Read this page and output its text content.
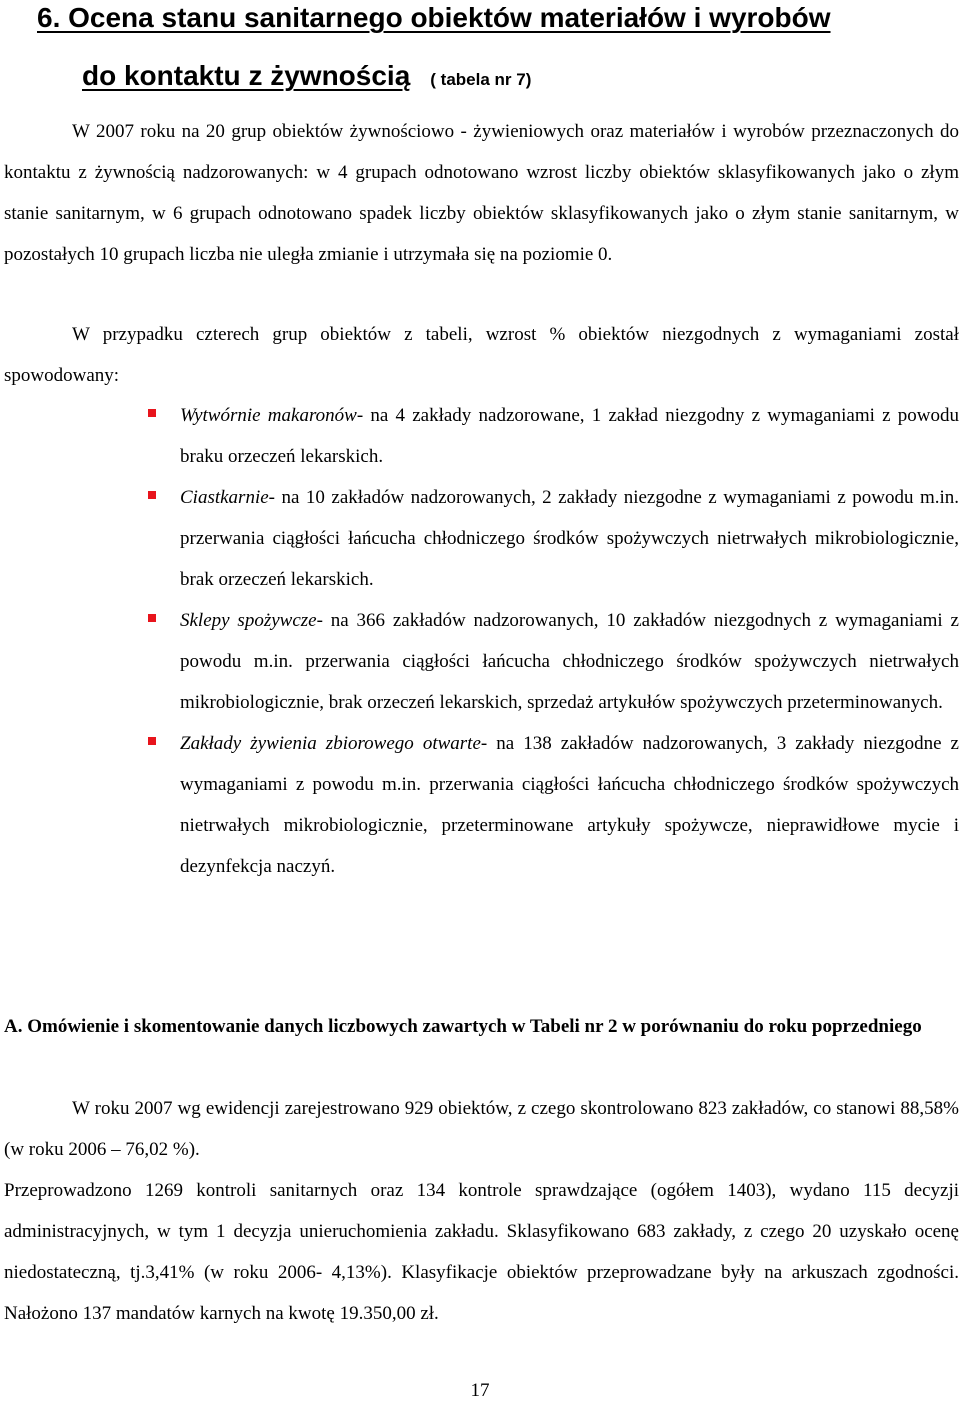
6. Ocena stanu sanitarnego obiektów materiałów i wyrobów
do kontaktu z żywnością ( tabela nr 7)
W 2007 roku na 20 grup obiektów żywnościowo - żywieniowych oraz materiałów i wyrobów przeznaczonych do kontaktu z żywnością nadzorowanych: w 4 grupach odnotowano wzrost liczby obiektów sklasyfikowanych jako o złym stanie sanitarnym, w 6 grupach odnotowano spadek liczby obiektów sklasyfikowanych jako o złym stanie sanitarnym, w pozostałych 10 grupach liczba nie uległa zmianie i utrzymała się na poziomie 0.
W przypadku czterech grup obiektów z tabeli, wzrost % obiektów niezgodnych z wymaganiami został spowodowany:
Wytwórnie makaronów- na 4 zakłady nadzorowane, 1 zakład niezgodny z wymaganiami z powodu braku orzeczeń lekarskich.
Ciastkarnie- na 10 zakładów nadzorowanych, 2 zakłady niezgodne z wymaganiami z powodu m.in. przerwania ciągłości łańcucha chłodniczego środków spożywczych nietrwałych mikrobiologicznie, brak orzeczeń lekarskich.
Sklepy spożywcze- na 366 zakładów nadzorowanych, 10 zakładów niezgodnych z wymaganiami z powodu m.in. przerwania ciągłości łańcucha chłodniczego środków spożywczych nietrwałych mikrobiologicznie, brak orzeczeń lekarskich, sprzedaż artykułów spożywczych przeterminowanych.
Zakłady żywienia zbiorowego otwarte- na 138 zakładów nadzorowanych, 3 zakłady niezgodne z wymaganiami z powodu m.in. przerwania ciągłości łańcucha chłodniczego środków spożywczych nietrwałych mikrobiologicznie, przeterminowane artykuły spożywcze, nieprawidłowe mycie i dezynfekcja naczyń.
A. Omówienie i skomentowanie danych liczbowych zawartych w Tabeli nr 2 w porównaniu do roku poprzedniego
W roku 2007 wg ewidencji zarejestrowano 929 obiektów, z czego skontrolowano 823 zakładów, co stanowi 88,58% (w roku 2006 – 76,02 %).
Przeprowadzono 1269 kontroli sanitarnych oraz 134 kontrole sprawdzające (ogółem 1403), wydano 115 decyzji administracyjnych, w tym 1 decyzja unieruchomienia zakładu. Sklasyfikowano 683 zakłady, z czego 20 uzyskało ocenę niedostateczną, tj.3,41% (w roku 2006- 4,13%). Klasyfikacje obiektów przeprowadzane były na arkuszach zgodności. Nałożono 137 mandatów karnych na kwotę 19.350,00 zł.
17
